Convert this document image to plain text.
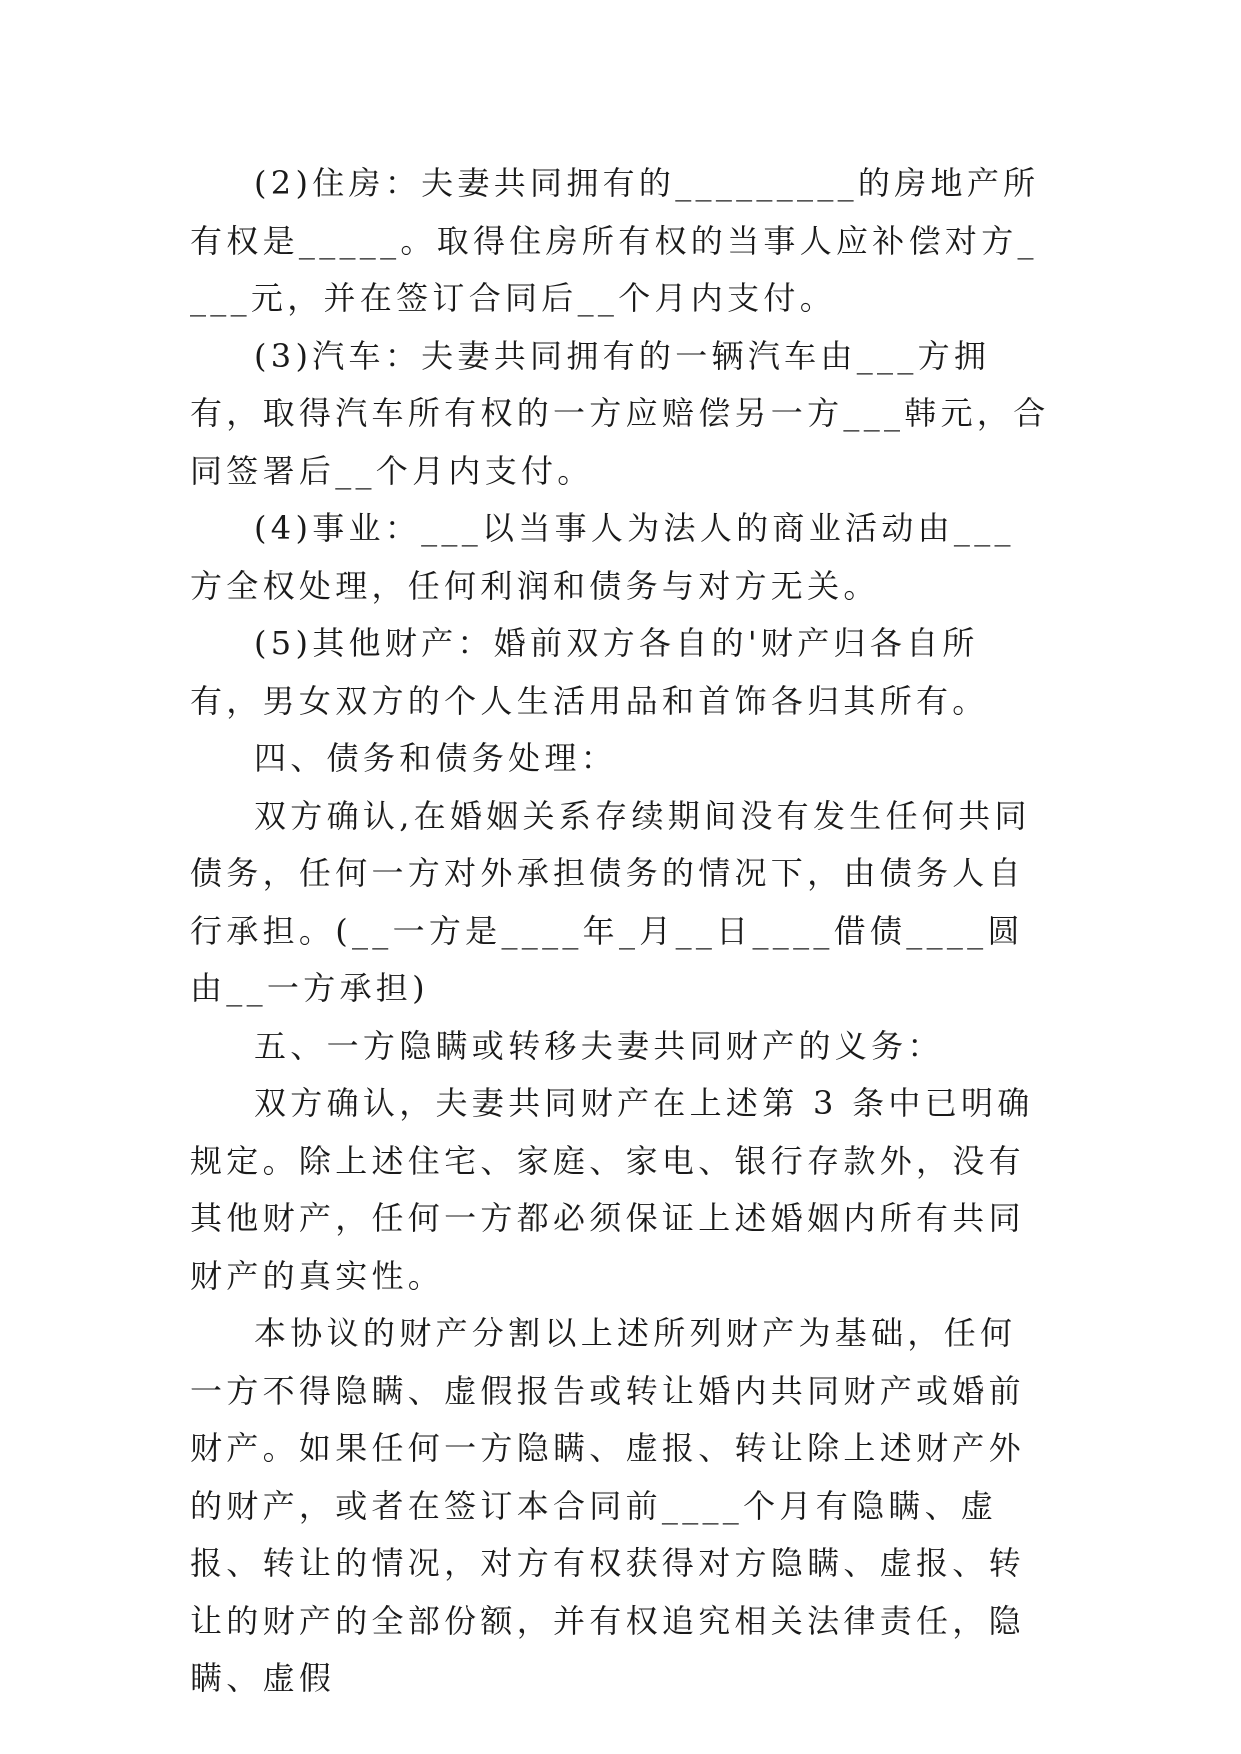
(2)住房：夫妻共同拥有的_________的房地产所有权是_____。取得住房所有权的当事人应补偿对方____元，并在签订合同后__个月内支付。

(3)汽车：夫妻共同拥有的一辆汽车由___方拥有，取得汽车所有权的一方应赔偿另一方___韩元，合同签署后__个月内支付。

(4)事业：___以当事人为法人的商业活动由___方全权处理，任何利润和债务与对方无关。

(5)其他财产：婚前双方各自的'财产归各自所有，男女双方的个人生活用品和首饰各归其所有。

四、债务和债务处理：

双方确认,在婚姻关系存续期间没有发生任何共同债务，任何一方对外承担债务的情况下，由债务人自行承担。(__一方是____年_月__日____借债____圆由__一方承担)

五、一方隐瞒或转移夫妻共同财产的义务：

双方确认，夫妻共同财产在上述第 3 条中已明确规定。除上述住宅、家庭、家电、银行存款外，没有其他财产，任何一方都必须保证上述婚姻内所有共同财产的真实性。

本协议的财产分割以上述所列财产为基础，任何一方不得隐瞒、虚假报告或转让婚内共同财产或婚前财产。如果任何一方隐瞒、虚报、转让除上述财产外的财产，或者在签订本合同前____个月有隐瞒、虚报、转让的情况，对方有权获得对方隐瞒、虚报、转让的财产的全部份额，并有权追究相关法律责任，隐瞒、虚假
